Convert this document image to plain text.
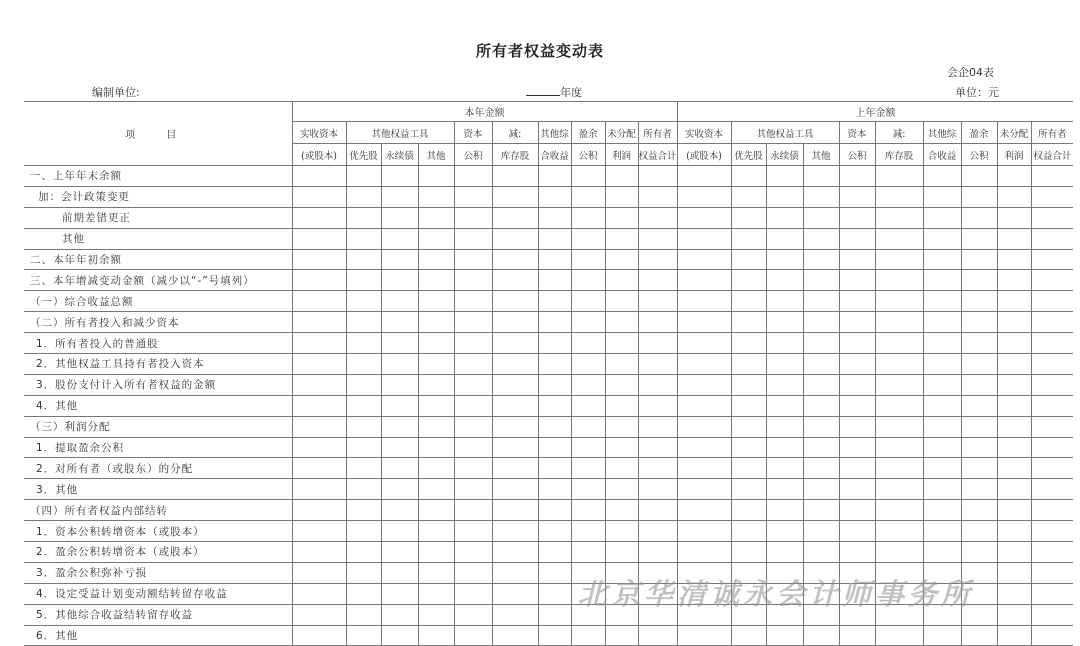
所有者权益变动表
会企04表
编制单位:	年度	单位：元
项 目	本年金额										上年金额									
	实收资本	其他权益工具			资本	减:	其他综	盈余	未分配	所有者	实收资本	其他权益工具			资本	减:	其他综	盈余	未分配	所有者
	(或股本)	优先股	永续债	其他	公积	库存股	合收益	公积	利润	权益合计	(或股本)	优先股	永续债	其他	公积	库存股	合收益	公积	利润	权益合计
一、上年年末余额																				
加：会计政策变更																				
前期差错更正																				
其他																				
二、本年年初余额																				
三、本年增减变动金额（减少以“-”号填列）																				
（一）综合收益总额																				
（二）所有者投入和减少资本																				
1．所有者投入的普通股																				
2．其他权益工具持有者投入资本																				
3．股份支付计入所有者权益的金额																				
4．其他																				
（三）利润分配																				
1．提取盈余公积																				
2．对所有者（或股东）的分配																				
3．其他																				
（四）所有者权益内部结转																				
1．资本公积转增资本（或股本）																				
2．盈余公积转增资本（或股本）																				
3．盈余公积弥补亏损																				
4．设定受益计划变动额结转留存收益																				
5．其他综合收益结转留存收益																				
6．其他																				
北京华清诚永会计师事务所
